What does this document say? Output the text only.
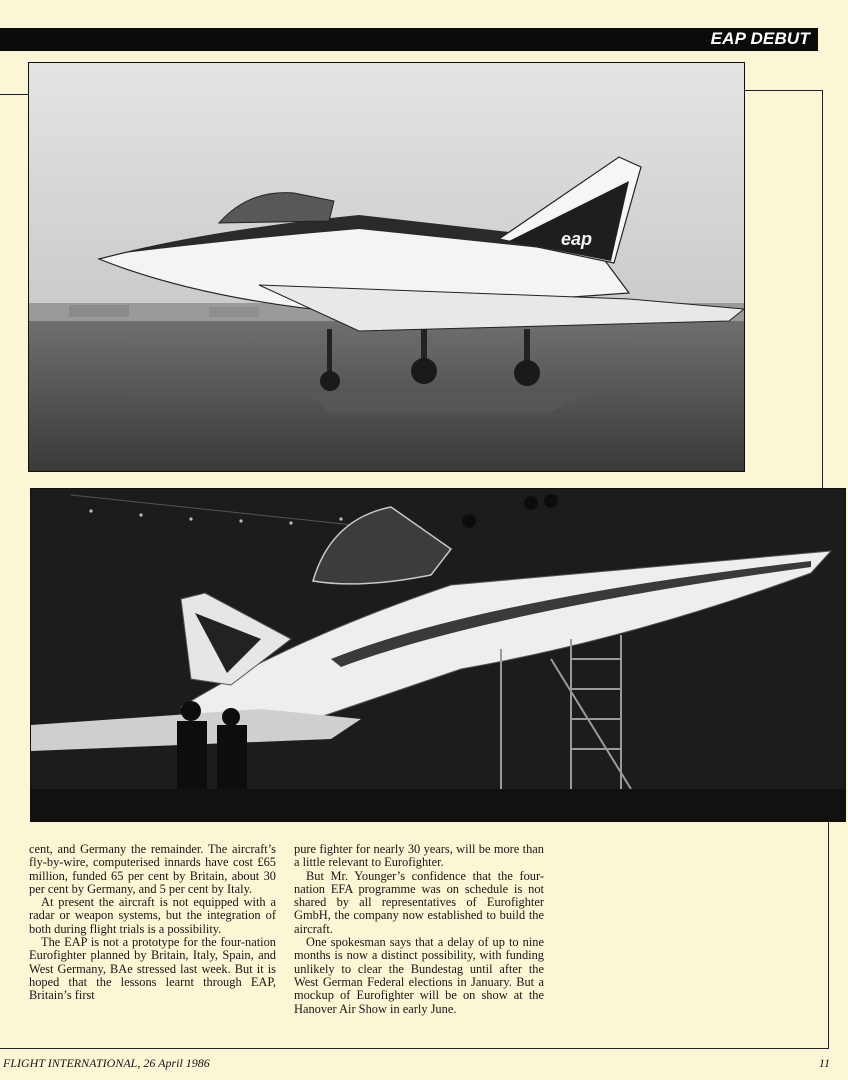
EAP DEBUT
eap

cent, and Germany the remainder. The aircraft’s fly-by-wire, computerised innards have cost £65 million, funded 65 per cent by Britain, about 30 per cent by Germany, and 5 per cent by Italy.

At present the aircraft is not equipped with a radar or weapon systems, but the integration of both during flight trials is a possibility.

The EAP is not a prototype for the four-nation Eurofighter planned by Britain, Italy, Spain, and West Germany, BAe stressed last week. But it is hoped that the lessons learnt through EAP, Britain’s first

pure fighter for nearly 30 years, will be more than a little relevant to Eurofighter.

But Mr. Younger’s confidence that the four-nation EFA programme was on schedule is not shared by all representatives of Eurofighter GmbH, the company now established to build the aircraft.

One spokesman says that a delay of up to nine months is now a distinct possibility, with funding unlikely to clear the Bundestag until after the West German Federal elections in January. But a mockup of Eurofighter will be on show at the Hanover Air Show in early June.

FLIGHT INTERNATIONAL, 26 April 1986	11
